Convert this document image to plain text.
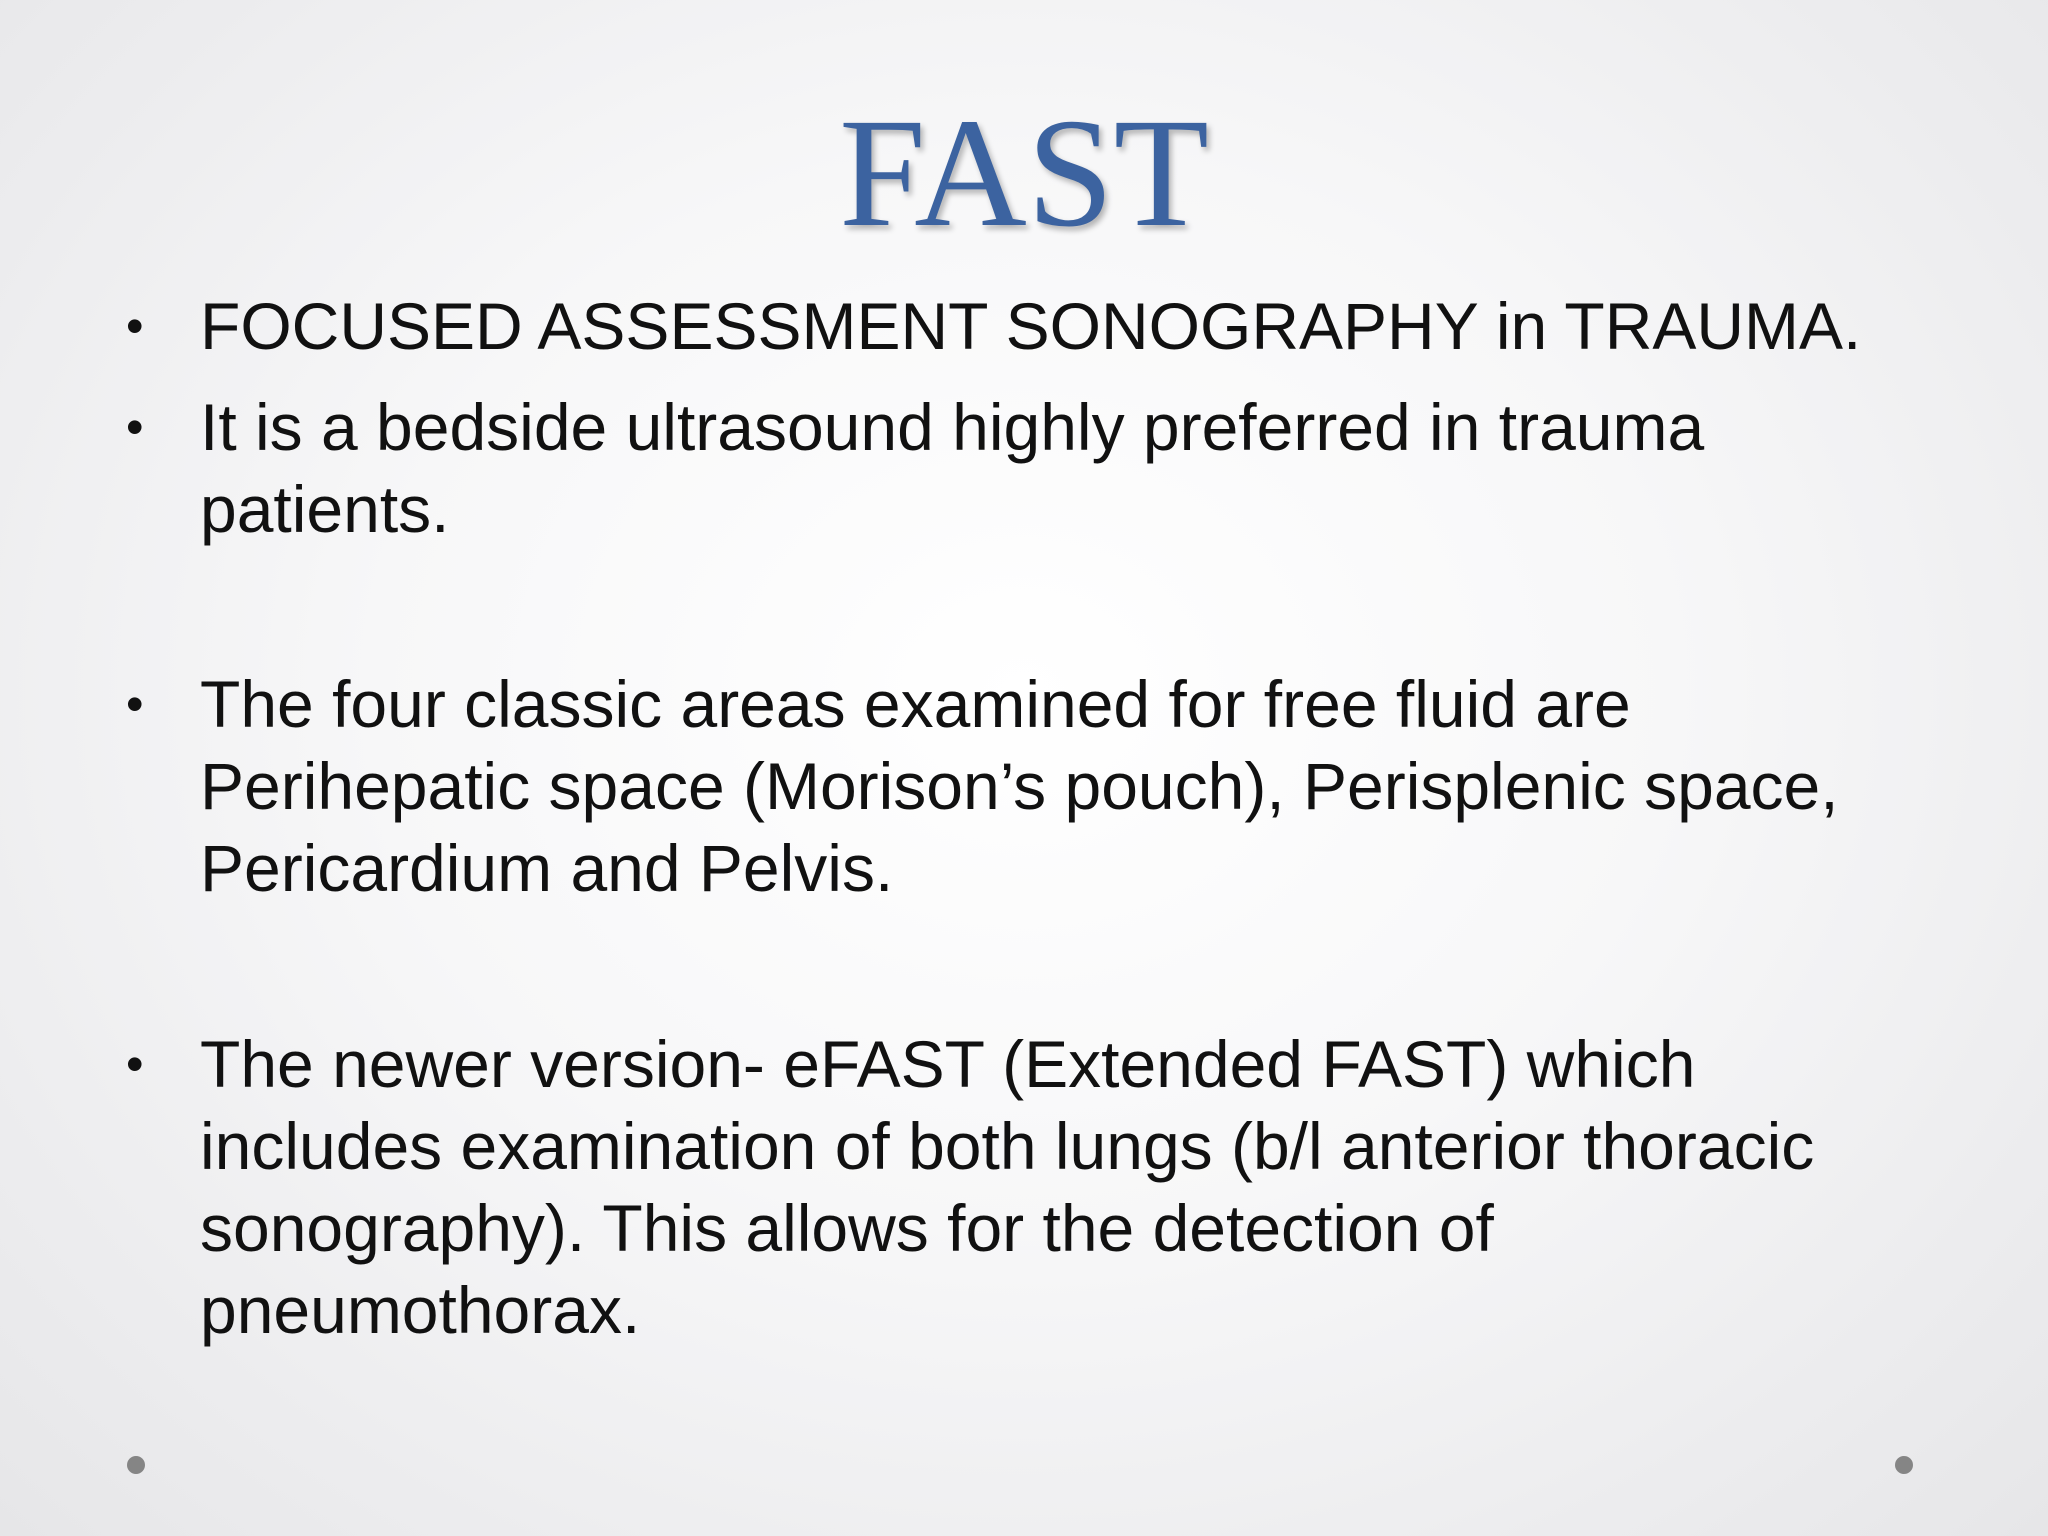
FAST
• FOCUSED ASSESSMENT SONOGRAPHY in TRAUMA.
• It is a bedside ultrasound highly preferred in trauma patients.
• The four classic areas examined for free fluid are Perihepatic space (Morison’s pouch), Perisplenic space, Pericardium and Pelvis.
• The newer version- eFAST (Extended FAST) which includes examination of both lungs (b/l anterior thoracic sonography). This allows for the detection of pneumothorax.
